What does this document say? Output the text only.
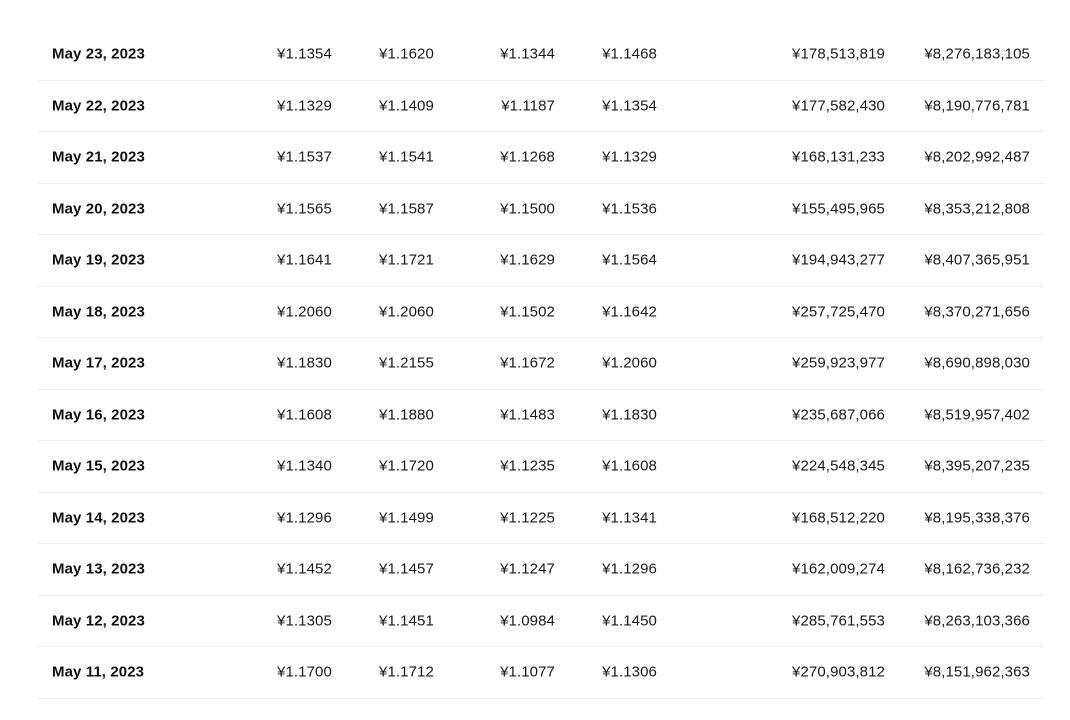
May 23, 2023	¥1.1354	¥1.1620	¥1.1344	¥1.1468	¥178,513,819	¥8,276,183,105
May 22, 2023	¥1.1329	¥1.1409	¥1.1187	¥1.1354	¥177,582,430	¥8,190,776,781
May 21, 2023	¥1.1537	¥1.1541	¥1.1268	¥1.1329	¥168,131,233	¥8,202,992,487
May 20, 2023	¥1.1565	¥1.1587	¥1.1500	¥1.1536	¥155,495,965	¥8,353,212,808
May 19, 2023	¥1.1641	¥1.1721	¥1.1629	¥1.1564	¥194,943,277	¥8,407,365,951
May 18, 2023	¥1.2060	¥1.2060	¥1.1502	¥1.1642	¥257,725,470	¥8,370,271,656
May 17, 2023	¥1.1830	¥1.2155	¥1.1672	¥1.2060	¥259,923,977	¥8,690,898,030
May 16, 2023	¥1.1608	¥1.1880	¥1.1483	¥1.1830	¥235,687,066	¥8,519,957,402
May 15, 2023	¥1.1340	¥1.1720	¥1.1235	¥1.1608	¥224,548,345	¥8,395,207,235
May 14, 2023	¥1.1296	¥1.1499	¥1.1225	¥1.1341	¥168,512,220	¥8,195,338,376
May 13, 2023	¥1.1452	¥1.1457	¥1.1247	¥1.1296	¥162,009,274	¥8,162,736,232
May 12, 2023	¥1.1305	¥1.1451	¥1.0984	¥1.1450	¥285,761,553	¥8,263,103,366
May 11, 2023	¥1.1700	¥1.1712	¥1.1077	¥1.1306	¥270,903,812	¥8,151,962,363
